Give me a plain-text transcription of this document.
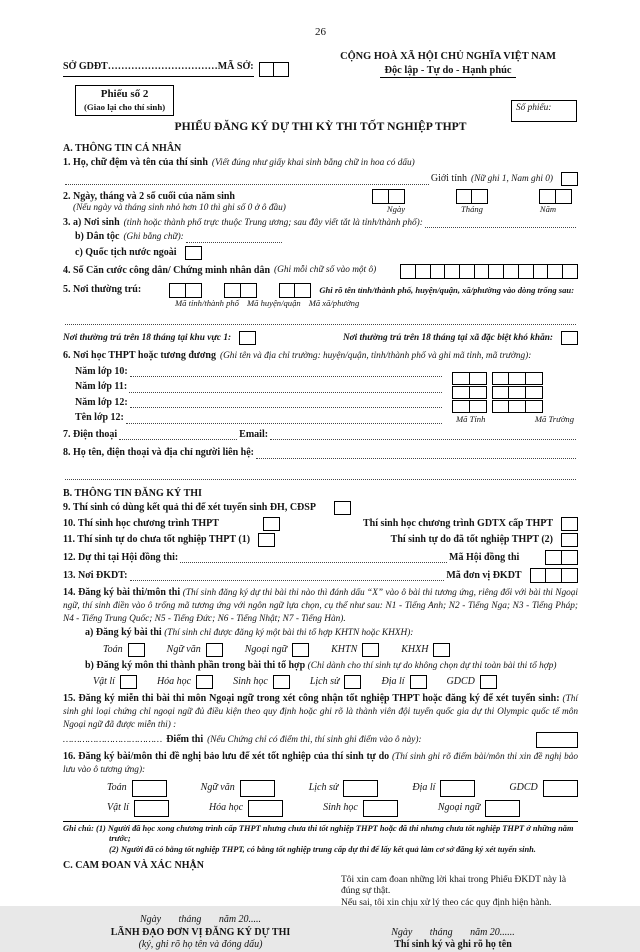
Số phiếu:
26
SỞ GDĐT……………………………MÃ SỞ:
CỘNG HOÀ XÃ HỘI CHỦ NGHĨA VIỆT NAM
Độc lập - Tự do - Hạnh phúc
Phiếu số 2
(Giao lại cho thí sinh)
PHIẾU ĐĂNG KÝ DỰ THI KỲ THI TỐT NGHIỆP THPT
A. THÔNG TIN CÁ NHÂN
1. Họ, chữ đệm và tên của thí sinh (Viết đúng như giấy khai sinh bằng chữ in hoa có dấu)
Giới tính (Nữ ghi 1, Nam ghi 0)
2. Ngày, tháng và 2 số cuối của năm sinh
(Nếu ngày và tháng sinh nhỏ hơn 10 thì ghi số 0 ở ô đầu)	Ngày	Tháng	Năm
3. a) Nơi sinh (tỉnh hoặc thành phố trực thuộc Trung ương; sau đây viết tắt là tỉnh/thành phố):
b) Dân tộc (Ghi bằng chữ):
c) Quốc tịch nước ngoài
4. Số Căn cước công dân/ Chứng minh nhân dân (Ghi mỗi chữ số vào một ô)
5. Nơi thường trú:	Ghi rõ tên tỉnh/thành phố, huyện/quận, xã/phường vào dòng trống sau:
Mã tỉnh/thành phố Mã huyện/quận Mã xã/phường
Nơi thường trú trên 18 tháng tại khu vực 1:	Nơi thường trú trên 18 tháng tại xã đặc biệt khó khăn:
6. Nơi học THPT hoặc tương đương (Ghi tên và địa chỉ trường: huyện/quận, tỉnh/thành phố và ghi mã tỉnh, mã trường):
Năm lớp 10:
Năm lớp 11:
Năm lớp 12:
Tên lớp 12:	Mã Tỉnh	Mã Trường
7. Điện thoại	Email:
8. Họ tên, điện thoại và địa chỉ người liên hệ:
B. THÔNG TIN ĐĂNG KÝ THI
9. Thí sinh có dùng kết quả thi để xét tuyển sinh ĐH, CĐSP
10. Thí sinh học chương trình THPT	Thí sinh học chương trình GDTX cấp THPT
11. Thí sinh tự do chưa tốt nghiệp THPT (1)	Thí sinh tự do đã tốt nghiệp THPT (2)
12. Dự thi tại Hội đồng thi:	Mã Hội đồng thi
13. Nơi ĐKDT:	Mã đơn vị ĐKDT
14. Đăng ký bài thi/môn thi (Thí sinh đăng ký dự thi bài thi nào thì đánh dấu “X” vào ô bài thi tương ứng, riêng đối với bài thi Ngoại ngữ, thí sinh điền vào ô trống mã tương ứng với ngôn ngữ lựa chọn, cụ thể như sau: N1 - Tiếng Anh; N2 - Tiếng Nga; N3 - Tiếng Pháp; N4 - Tiếng Trung Quốc; N5 - Tiếng Đức; N6 - Tiếng Nhật; N7 - Tiếng Hàn).
a) Đăng ký bài thi (Thí sinh chỉ được đăng ký một bài thi tổ hợp KHTN hoặc KHXH):
Toán	Ngữ văn	Ngoại ngữ	KHTN	KHXH
b) Đăng ký môn thi thành phần trong bài thi tổ hợp (Chỉ dành cho thí sinh tự do không chọn dự thi toàn bài thi tổ hợp)
Vật lí	Hóa học	Sinh học	Lịch sử	Địa lí	GDCD
15. Đăng ký miễn thi bài thi môn Ngoại ngữ trong xét công nhận tốt nghiệp THPT hoặc đăng ký để xét tuyển sinh: (Thí sinh ghi loại chứng chỉ ngoại ngữ đủ điều kiện theo quy định hoặc ghi rõ là thành viên đội tuyển quốc gia dự thi Olympic quốc tế môn Ngoại ngữ đã được miễn thi) :
……………………………… Điểm thi (Nếu Chứng chỉ có điểm thi, thí sinh ghi điểm vào ô này):
16. Đăng ký bài/môn thi đề nghị bảo lưu để xét tốt nghiệp của thí sinh tự do (Thí sinh ghi rõ điểm bài/môn thi xin đề nghị bảo lưu vào ô tương ứng):
Toán	Ngữ văn	Lịch sử	Địa lí	GDCD
Vật lí	Hóa học	Sinh học	Ngoại ngữ
Ghi chú: (1) Người đã học xong chương trình cấp THPT nhưng chưa thi tốt nghiệp THPT hoặc đã thi nhưng chưa tốt nghiệp THPT ở những năm trước;
(2) Người đã có bằng tốt nghiệp THPT, có bằng tốt nghiệp trung cấp dự thi để lấy kết quả làm cơ sở đăng ký xét tuyển sinh.
C. CAM ĐOAN VÀ XÁC NHẬN
Tôi xin cam đoan những lời khai trong Phiếu ĐKDT này là đúng sự thật.
Nếu sai, tôi xin chịu xử lý theo các quy định hiện hành.
Ngày       tháng       năm 20.....
LÃNH ĐẠO ĐƠN VỊ ĐĂNG KÝ DỰ THI
(ký, ghi rõ họ tên và đóng dấu)
Ngày       tháng       năm 20......
Thí sinh ký và ghi rõ họ tên
